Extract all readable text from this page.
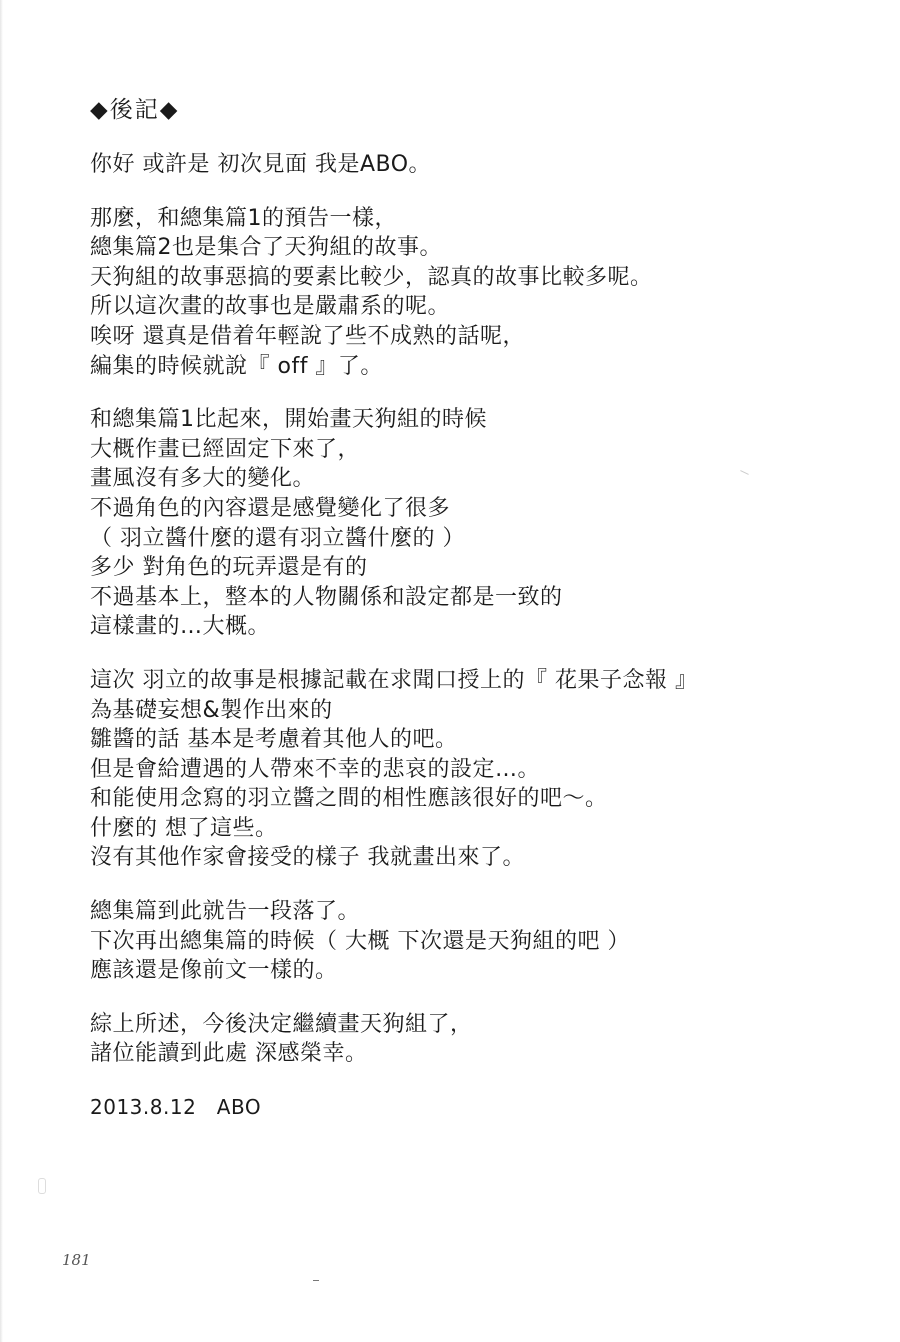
◆後記◆
你好 或許是 初次見面 我是ABO。
那麼，和總集篇1的預告一樣，
總集篇2也是集合了天狗組的故事。
天狗組的故事惡搞的要素比較少，認真的故事比較多呢。
所以這次畫的故事也是嚴肅系的呢。
唉呀 還真是借着年輕說了些不成熟的話呢，
編集的時候就說『 off 』了。
和總集篇1比起來，開始畫天狗組的時候
大概作畫已經固定下來了，
畫風沒有多大的變化。
不過角色的內容還是感覺變化了很多
（ 羽立醬什麼的還有羽立醬什麼的 ）
多少 對角色的玩弄還是有的
不過基本上，整本的人物關係和設定都是一致的
這樣畫的…大概。
這次 羽立的故事是根據記載在求聞口授上的『 花果子念報 』
為基礎妄想&製作出來的
雛醬的話 基本是考慮着其他人的吧。
但是會給遭遇的人帶來不幸的悲哀的設定…。
和能使用念寫的羽立醬之間的相性應該很好的吧～。
什麼的 想了這些。
沒有其他作家會接受的樣子 我就畫出來了。
總集篇到此就告一段落了。
下次再出總集篇的時候（ 大概 下次還是天狗組的吧 ）
應該還是像前文一樣的。
綜上所述，今後決定繼續畫天狗組了，
諸位能讀到此處 深感榮幸。
2013.8.12　ABO
181
